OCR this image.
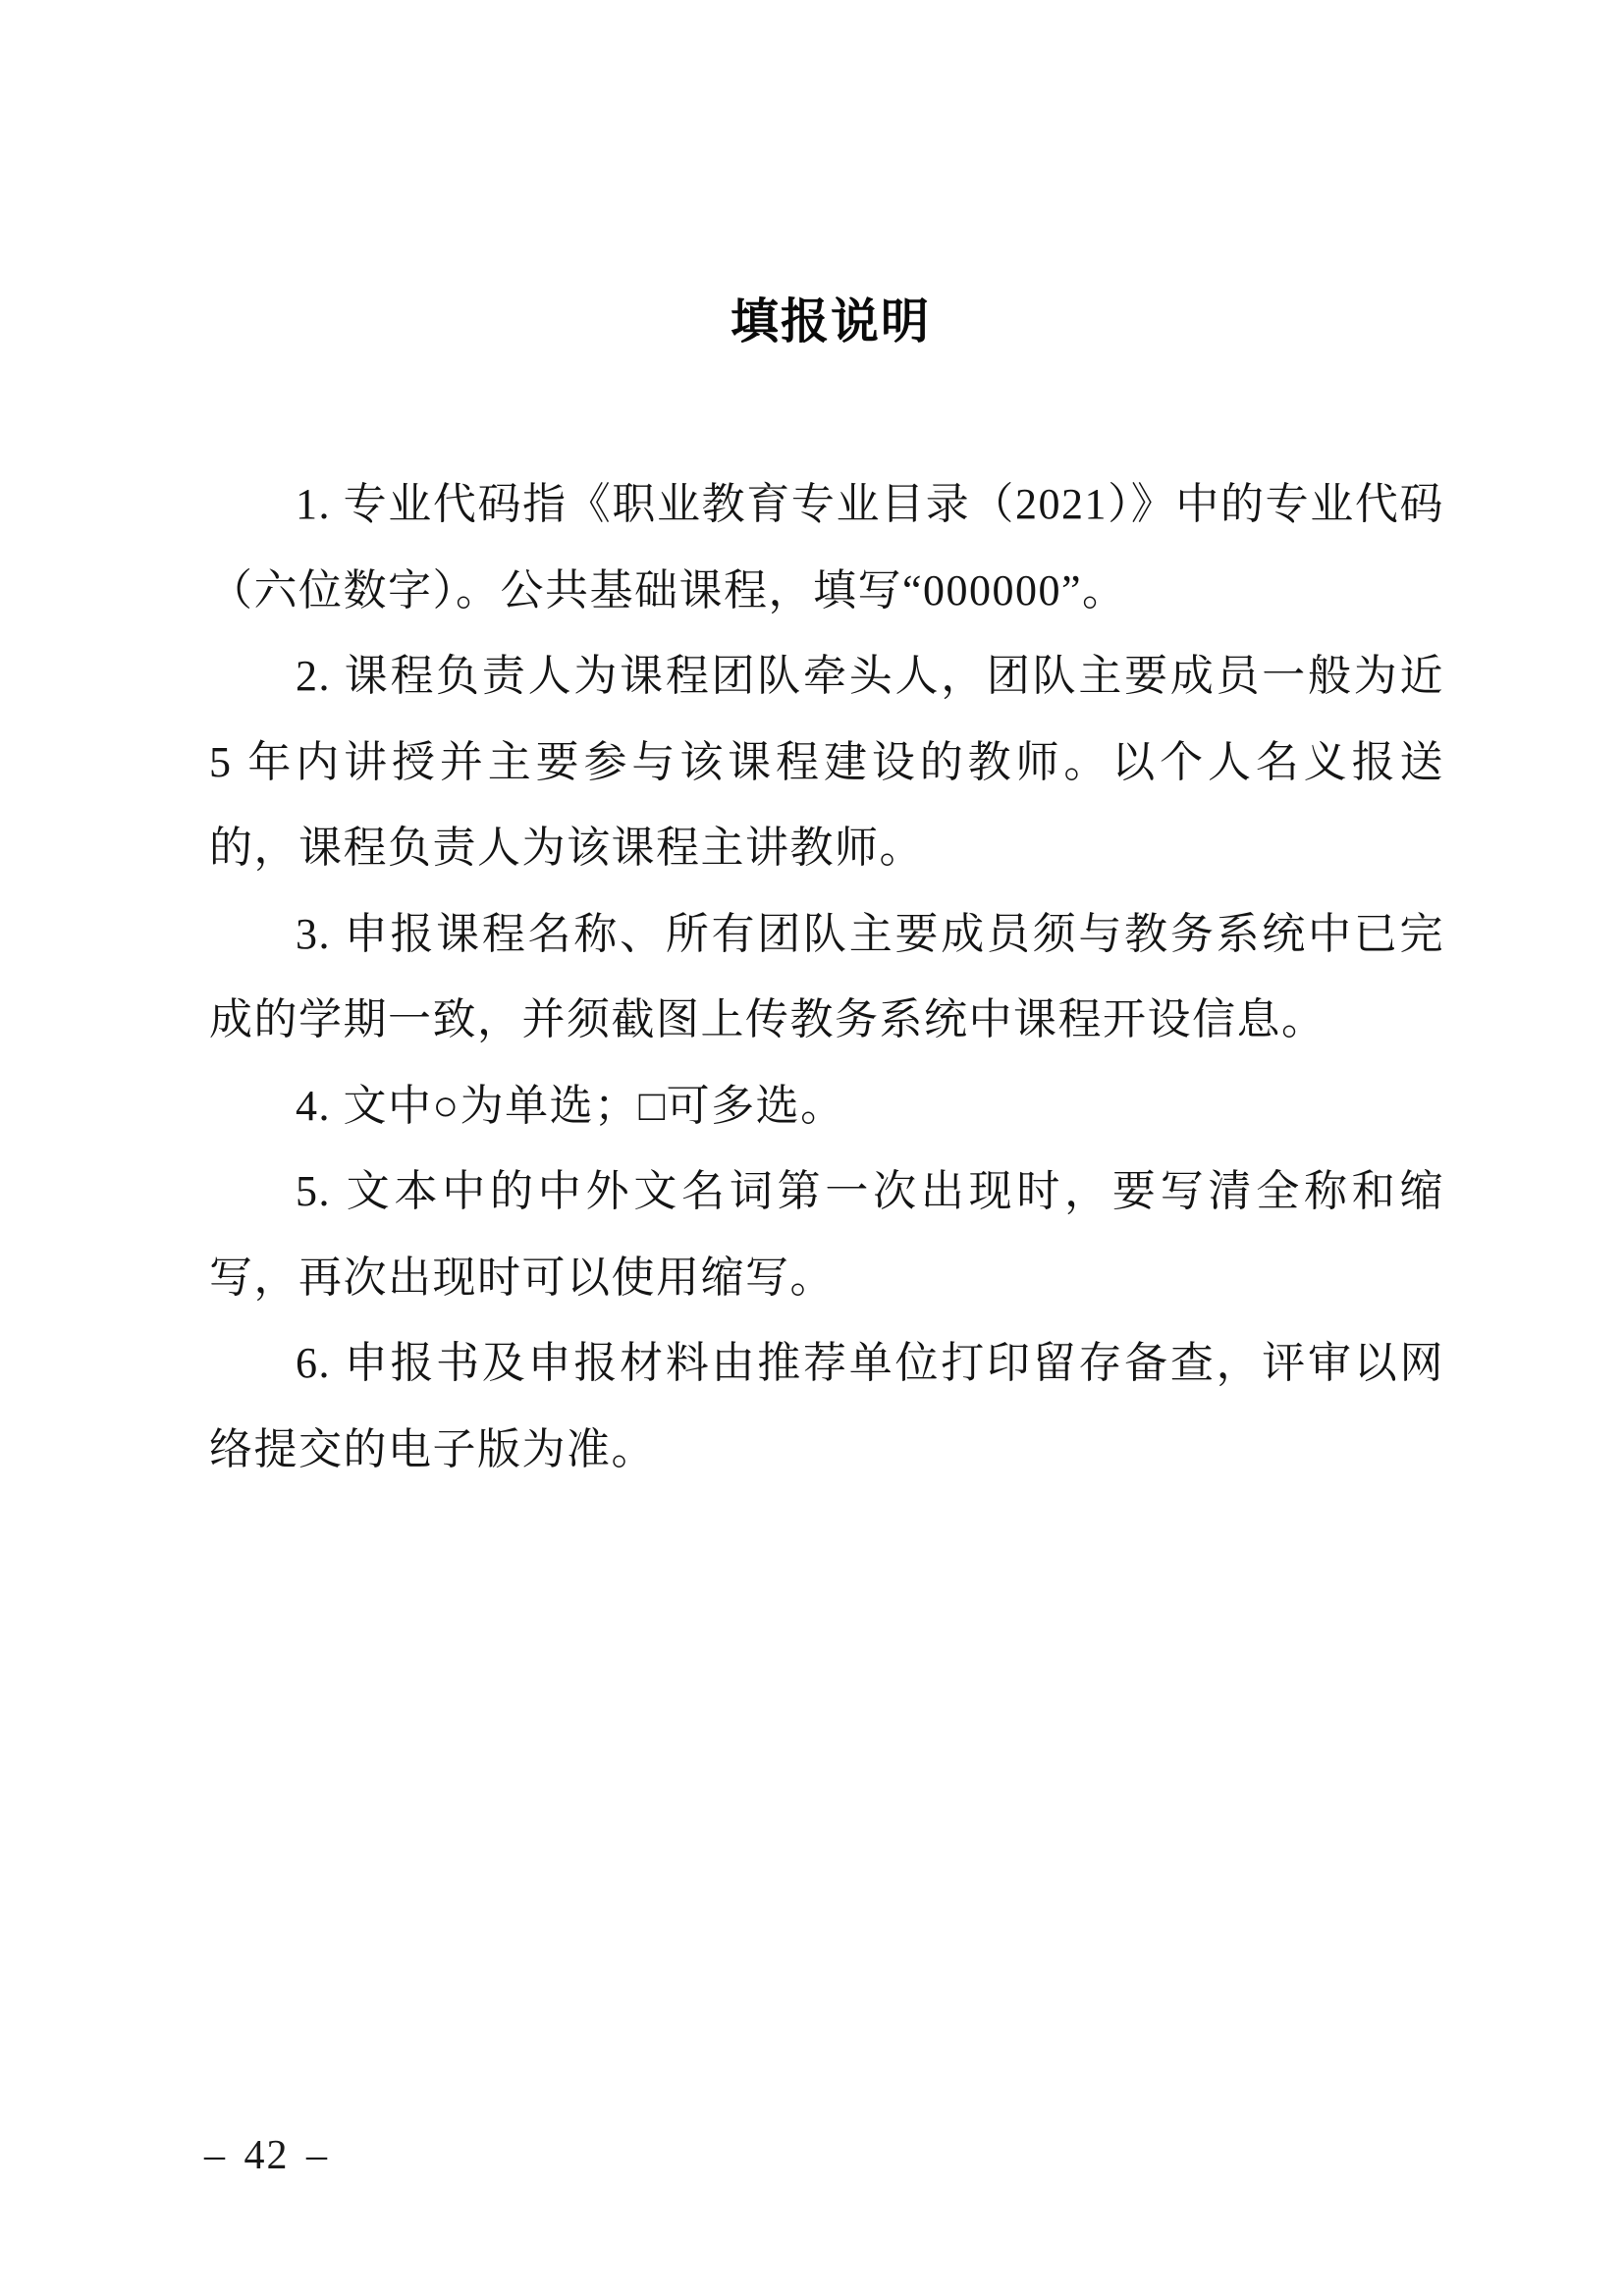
填报说明

1. 专业代码指《职业教育专业目录（2021）》中的专业代码（六位数字）。公共基础课程，填写“000000”。

2. 课程负责人为课程团队牵头人，团队主要成员一般为近 5 年内讲授并主要参与该课程建设的教师。以个人名义报送的，课程负责人为该课程主讲教师。

3. 申报课程名称、所有团队主要成员须与教务系统中已完成的学期一致，并须截图上传教务系统中课程开设信息。

4. 文中○为单选；□可多选。

5. 文本中的中外文名词第一次出现时，要写清全称和缩写，再次出现时可以使用缩写。

6. 申报书及申报材料由推荐单位打印留存备查，评审以网络提交的电子版为准。

– 42 –
